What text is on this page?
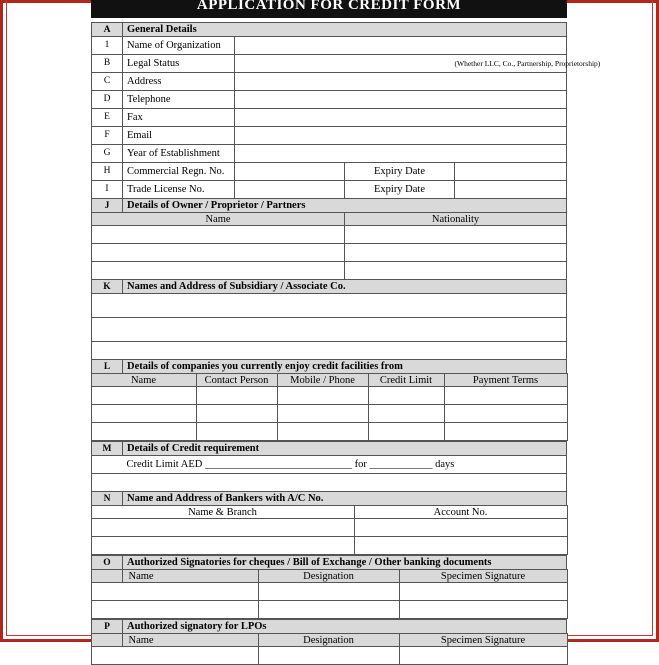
APPLICATION FOR CREDIT FORM
A	General Details
1	Name of Organization	
B	Legal Status		(Whether LLC, Co., Partnership, Proprietorship)
C	Address	
D	Telephone	
E	Fax	
F	Email	
G	Year of Establishment	
H	Commercial Regn. No.		Expiry Date	
I	Trade License No.		Expiry Date	
J	Details of Owner / Proprietor / Partners
Name	Nationality

K	Names and Address of Subsidiary / Associate Co.

L	Details of companies you currently enjoy credit facilities from

Name	Contact Person	Mobile / Phone	Credit Limit	Payment Terms

M	Details of Credit requirement
	Credit Limit AED ____________________________ for ____________ days

N	Name and Address of Bankers with A/C No.

Name & Branch	Account No.

O	Authorized Signatories for cheques / Bill of Exchange / Other banking documents

	Name	Designation	Specimen Signature

P	Authorized signatory for LPOs

	Name	Designation	Specimen Signature
